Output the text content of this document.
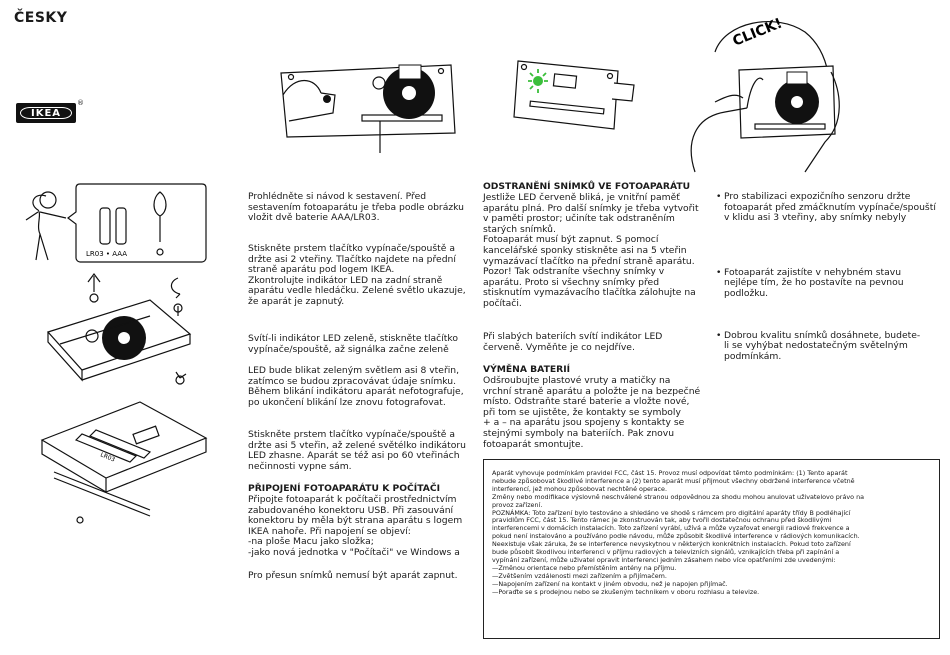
ČESKY
IKEA
®
CLICK!
LR03 • AAA
LR03
Prohlédněte si návod k sestavení. Před
sestavením fotoaparátu je třeba podle obrázku
vložit dvě baterie AAA/LR03.
Stiskněte prstem tlačítko vypínače/spouště a
držte asi 2 vteřiny. Tlačítko najdete na přední
straně aparátu pod logem IKEA.
Zkontrolujte indikátor LED na zadní straně
aparátu vedle hledáčku. Zelené světlo ukazuje,
že aparát je zapnutý.
Svítí-li indikátor LED zeleně, stiskněte tlačítko
vypínače/spouště, až signálka začne zeleně
LED bude blikat zeleným světlem asi 8 vteřin,
zatímco se budou zpracovávat údaje snímku.
Během blikání indikátoru aparát nefotografuje,
po ukončení blikání lze znovu fotografovat.
Stiskněte prstem tlačítko vypínače/spouště a
držte asi 5 vteřin, až zelené světélko indikátoru
LED zhasne. Aparát se též asi po 60 vteřinách
nečinnosti vypne sám.
PŘIPOJENÍ FOTOAPARÁTU K POČÍTAČI
Připojte fotoaparát k počítači prostřednictvím
zabudovaného konektoru USB. Při zasouvání
konektoru by měla být strana aparátu s logem
IKEA nahoře. Při napojení se objeví:
-na ploše Macu jako složka;
-jako nová jednotka v "Počítači" ve Windows a
Pro přesun snímků nemusí být aparát zapnut.
ODSTRANĚNÍ SNÍMKŮ VE FOTOAPARÁTU
Jestliže LED červeně bliká, je vnitřní paměť
aparátu plná. Pro další snímky je třeba vytvořit
v paměti prostor; učiníte tak odstraněním
starých snímků.
Fotoaparát musí být zapnut. S pomocí
kancelářské sponky stiskněte asi na 5 vteřin
vymazávací tlačítko na přední straně aparátu.
Pozor! Tak odstraníte všechny snímky v
aparátu. Proto si všechny snímky před
stisknutím vymazávacího tlačítka zálohujte na
počítači.
Při slabých bateriích svítí indikátor LED
červeně. Vyměňte je co nejdříve.
VÝMĚNA BATERIÍ
Odšroubujte plastové vruty a matičky na
vrchní straně aparátu a položte je na bezpečné
místo. Odstraňte staré baterie a vložte nové,
při tom se ujistěte, že kontakty se symboly
+ a – na aparátu jsou spojeny s kontakty se
stejnými symboly na bateriích. Pak znovu
fotoaparát smontujte.
• Pro stabilizaci expozičního senzoru držte
fotoaparát před zmáčknutím vypínače/spouští
v klidu asi 3 vteřiny, aby snímky nebyly
• Fotoaparát zajistíte v nehybném stavu
nejlépe tím, že ho postavíte na pevnou
podložku.
• Dobrou kvalitu snímků dosáhnete, budete-
li se vyhýbat nedostatečným světelným
podmínkám.
Aparát vyhovuje podmínkám pravidel FCC, část 15. Provoz musí odpovídat těmto podmínkám: (1) Tento aparát
nebude způsobovat škodlivé interference a (2) tento aparát musí přijmout všechny obdržené interference včetně
interferencí, jež mohou způsobovat nechtěné operace.
Změny nebo modifikace výslovně neschválené stranou odpovědnou za shodu mohou anulovat uživatelovo právo na
provoz zařízení.
POZNÁMKA: Toto zařízení bylo testováno a shledáno ve shodě s rámcem pro digitální aparáty třídy B podléhající
pravidlům FCC, část 15. Tento rámec je zkonstruován tak, aby tvořil dostatečnou ochranu před škodlivými
interferencemi v domácích instalacích. Toto zařízení vyrábí, užívá a může vyzařovat energii radiové frekvence a
pokud není instalováno a používáno podle návodu, může způsobit škodlivé interference v rádiových komunikacích.
Neexistuje však záruka, že se interference nevyskytnou v některých konkrétních instalacích. Pokud toto zařízení
bude působit škodlivou interferenci v příjmu radiových a televizních signálů, vznikajících třeba při zapínání a
vypínání zařízení, může uživatel opravit interferenci jedním zásahem nebo více opatřeními zde uvedenými:
—Změnou orientace nebo přemístěním antény na příjmu.
—Zvětšením vzdálenosti mezi zařízením a přijímačem.
—Napojením zařízení na kontakt v jiném obvodu, než je napojen přijímač.
—Poraďte se s prodejnou nebo se zkušeným technikem v oboru rozhlasu a televize.
